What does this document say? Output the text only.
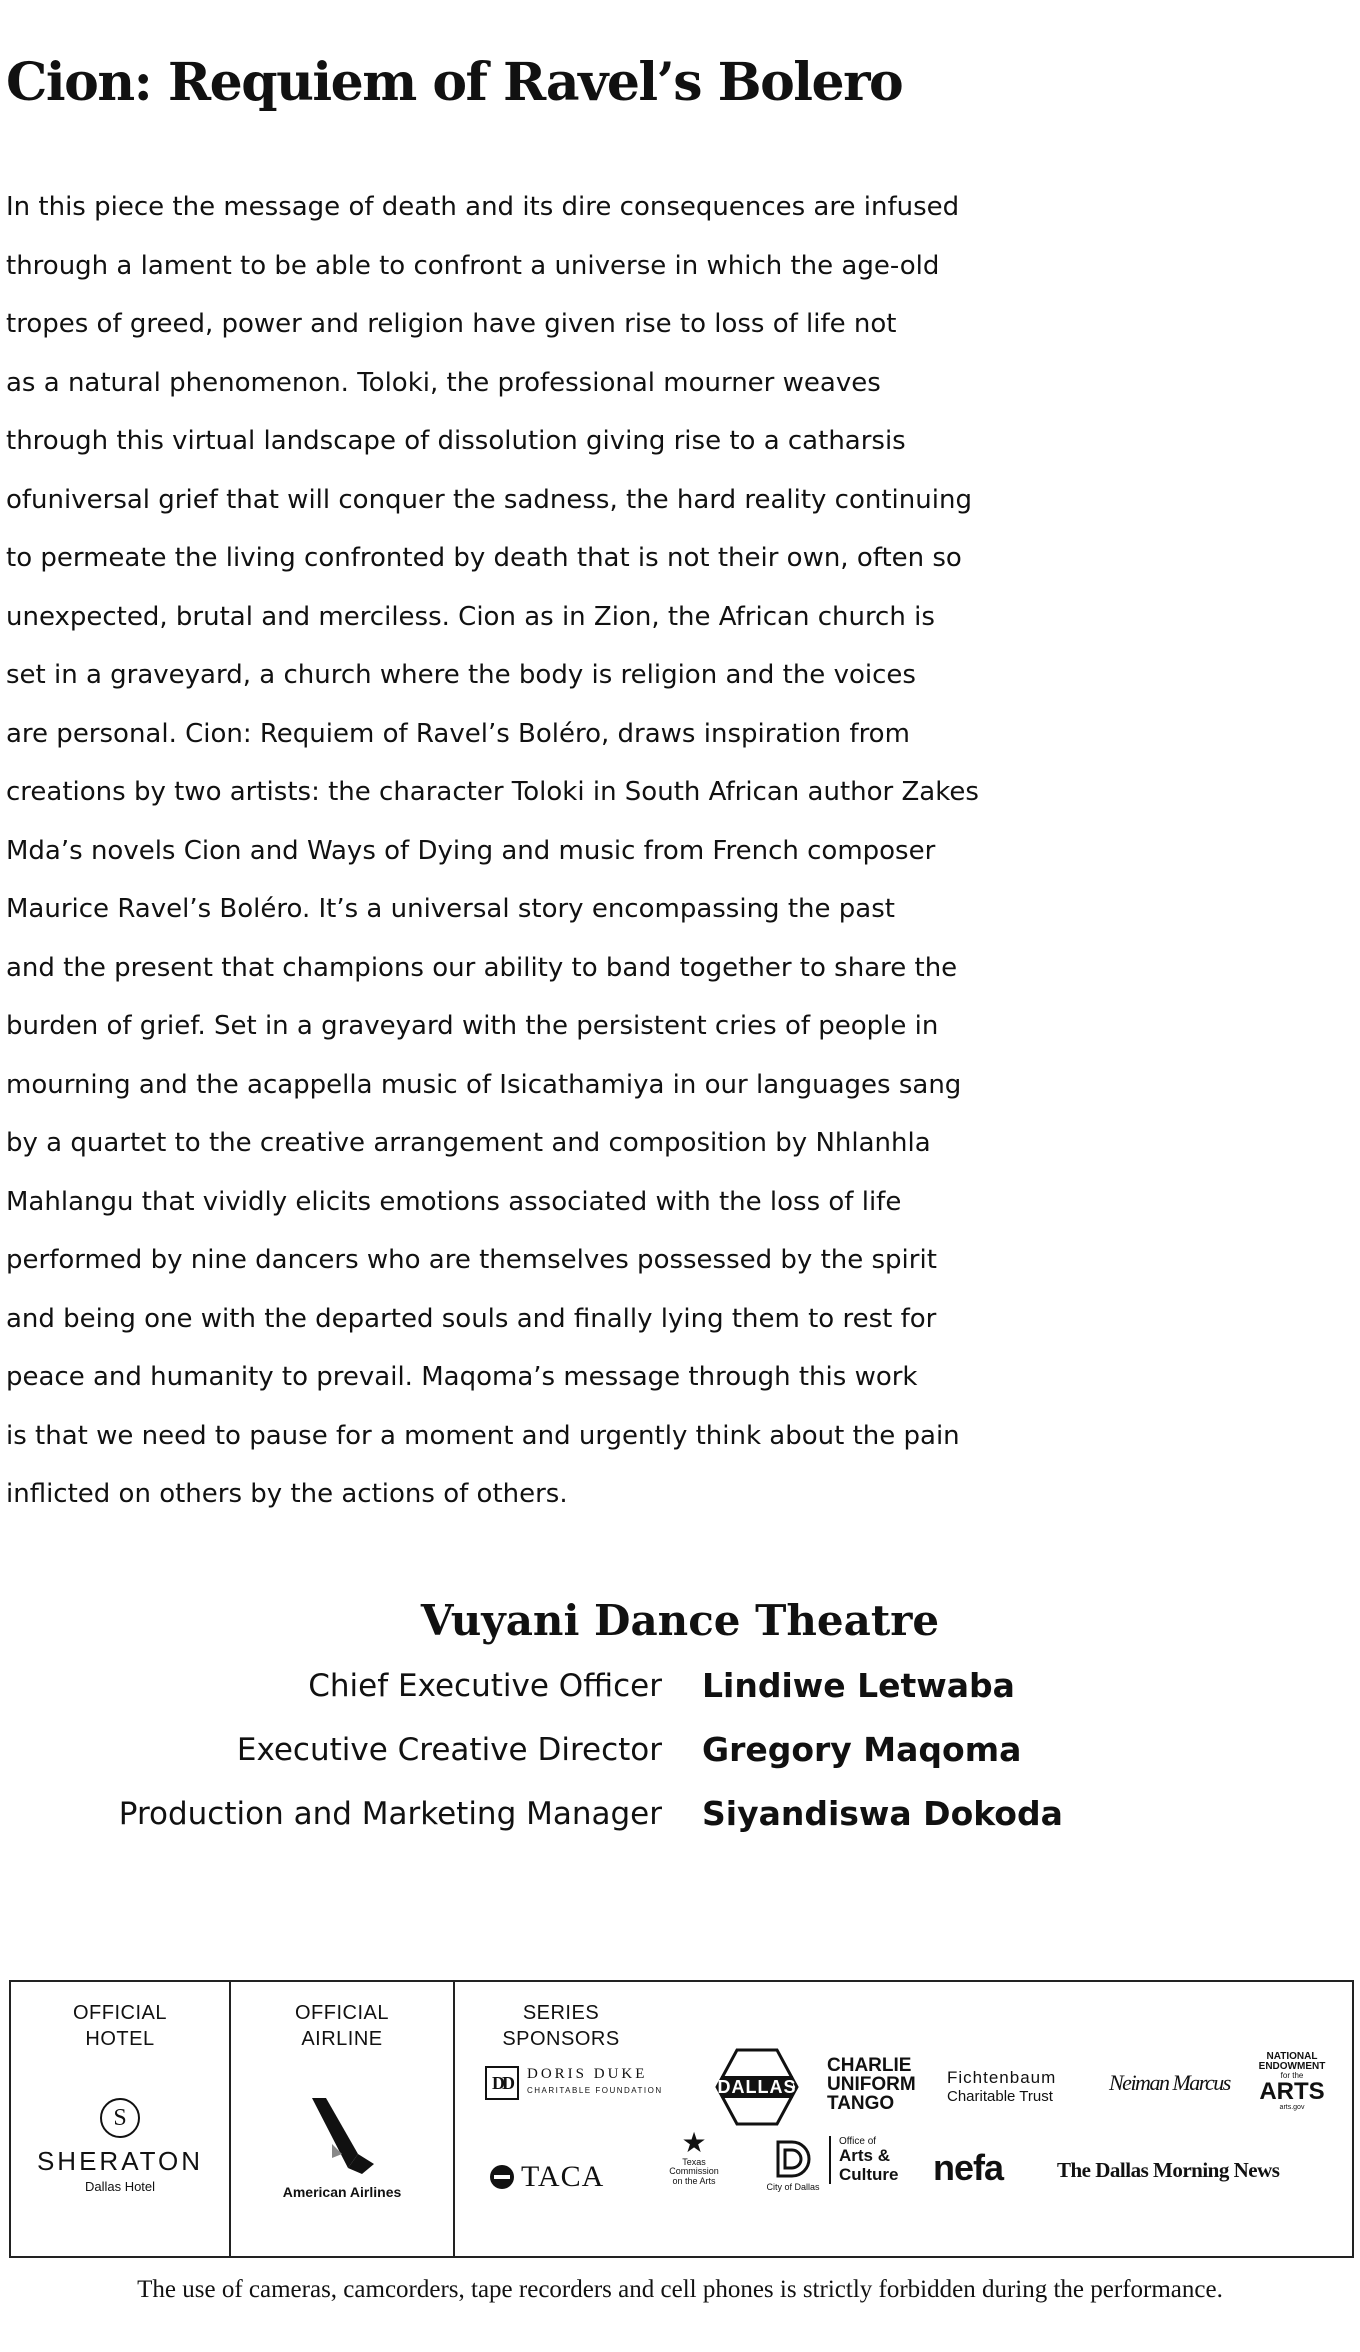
Cion: Requiem of Ravel’s Bolero
In this piece the message of death and its dire consequences are infused
through a lament to be able to confront a universe in which the age-old
tropes of greed, power and religion have given rise to loss of life not
as a natural phenomenon. Toloki, the professional mourner weaves
through this virtual landscape of dissolution giving rise to a catharsis
ofuniversal grief that will conquer the sadness, the hard reality continuing
to permeate the living confronted by death that is not their own, often so
unexpected, brutal and merciless. Cion as in Zion, the African church is
set in a graveyard, a church where the body is religion and the voices
are personal. Cion: Requiem of Ravel’s Boléro, draws inspiration from
creations by two artists: the character Toloki in South African author Zakes
Mda’s novels Cion and Ways of Dying and music from French composer
Maurice Ravel’s Boléro. It’s a universal story encompassing the past
and the present that champions our ability to band together to share the
burden of grief. Set in a graveyard with the persistent cries of people in
mourning and the acappella music of Isicathamiya in our languages sang
by a quartet to the creative arrangement and composition by Nhlanhla
Mahlangu that vividly elicits emotions associated with the loss of life
performed by nine dancers who are themselves possessed by the spirit
and being one with the departed souls and finally lying them to rest for
peace and humanity to prevail. Maqoma’s message through this work
is that we need to pause for a moment and urgently think about the pain
inflicted on others by the actions of others.
Vuyani Dance Theatre
Chief Executive Officer Lindiwe Letwaba
Executive Creative Director Gregory Maqoma
Production and Marketing Manager Siyandiswa Dokoda
OFFICIAL
HOTEL
S
SHERATON
Dallas Hotel
OFFICIAL
AIRLINE
American Airlines
SERIES
SPONSORS
DD	DORIS DUKE
CHARITABLE FOUNDATION	DALLAS
CHARLIE
UNIFORM
TANGO
Fichtenbaum
Charitable Trust
Neiman Marcus
NATIONAL
ENDOWMENT
for the
ARTS
arts.gov
TACA
★
Texas
Commission
on the Arts
City of Dallas
Office of
Arts &
Culture nefa	The Dallas Morning News
The use of cameras, camcorders, tape recorders and cell phones is strictly forbidden during the performance.
